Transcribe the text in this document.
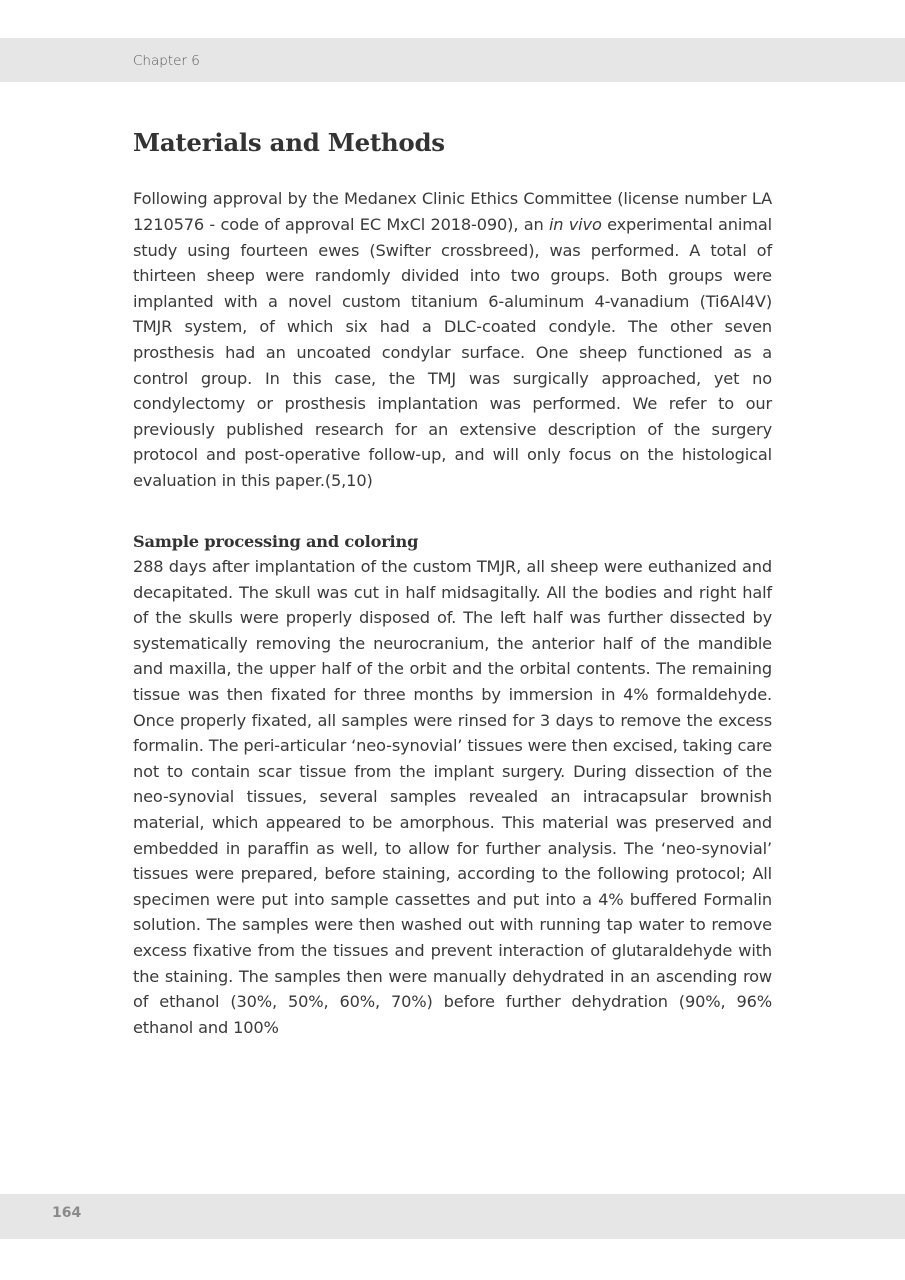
Chapter 6
Materials and Methods

Following approval by the Medanex Clinic Ethics Committee (license number LA 1210576 - code of approval EC MxCl 2018-090), an in vivo experimental animal study using fourteen ewes (Swifter crossbreed), was performed. A total of thirteen sheep were randomly divided into two groups. Both groups were implanted with a novel custom titanium 6-aluminum 4-vanadium (Ti6Al4V) TMJR system, of which six had a DLC-coated condyle. The other seven prosthesis had an uncoated condylar surface. One sheep functioned as a control group. In this case, the TMJ was surgically approached, yet no condylectomy or prosthesis implantation was performed. We refer to our previously published research for an extensive description of the surgery protocol and post-operative follow-up, and will only focus on the histological evaluation in this paper.(5,10)

Sample processing and coloring

288 days after implantation of the custom TMJR, all sheep were euthanized and decapitated. The skull was cut in half midsagitally. All the bodies and right half of the skulls were properly disposed of. The left half was further dissected by systematically removing the neurocranium, the anterior half of the mandible and maxilla, the upper half of the orbit and the orbital contents. The remaining tissue was then fixated for three months by immersion in 4% formaldehyde. Once properly fixated, all samples were rinsed for 3 days to remove the excess formalin. The peri-articular ‘neo-synovial’ tissues were then excised, taking care not to contain scar tissue from the implant surgery. During dissection of the neo-synovial tissues, several samples revealed an intracapsular brownish material, which appeared to be amorphous. This material was preserved and embedded in paraffin as well, to allow for further analysis. The ‘neo-synovial’ tissues were prepared, before staining, according to the following protocol; All specimen were put into sample cassettes and put into a 4% buffered Formalin solution. The samples were then washed out with running tap water to remove excess fixative from the tissues and prevent interaction of glutaraldehyde with the staining. The samples then were manually dehydrated in an ascending row of ethanol (30%, 50%, 60%, 70%) before further dehydration (90%, 96% ethanol and 100%

164
